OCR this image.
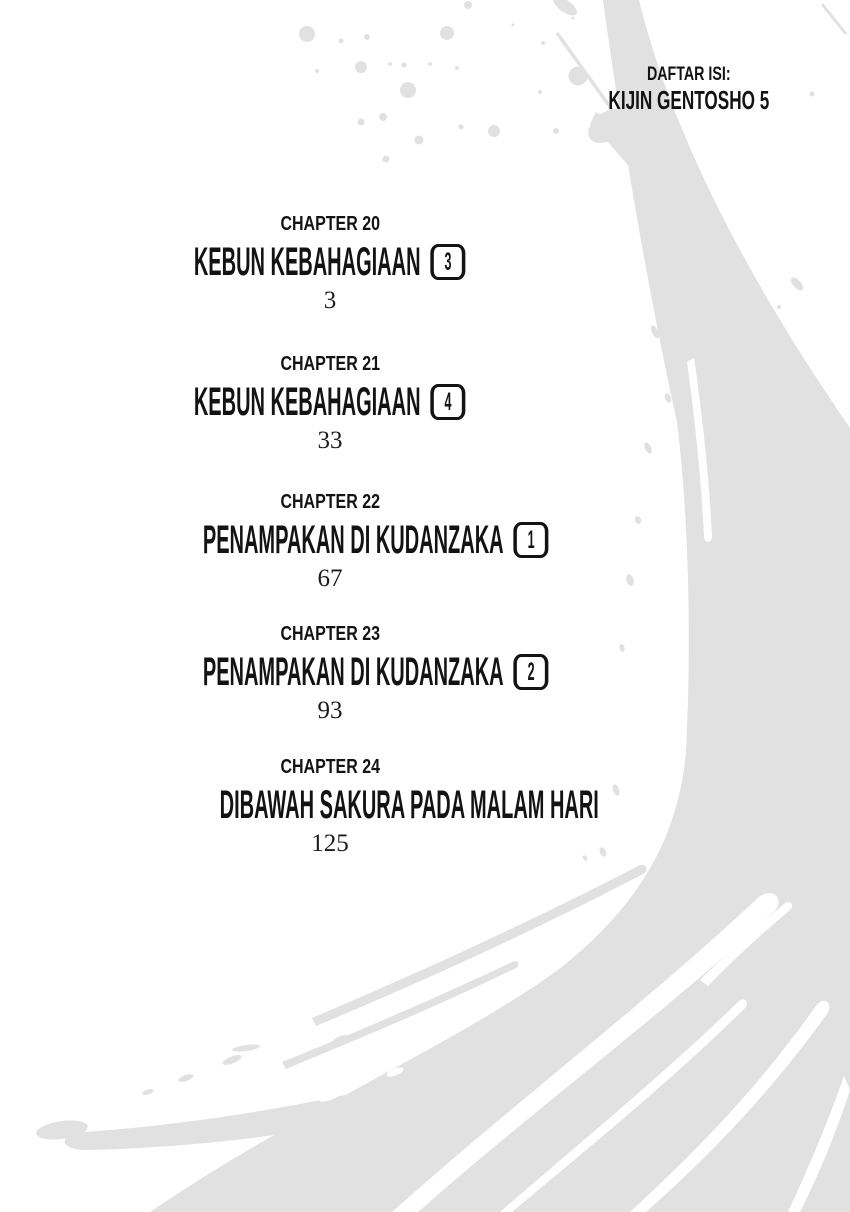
DAFTAR ISI:
KIJIN GENTOSHO 5
CHAPTER 20
KEBUN KEBAHAGIAAN 3
3
CHAPTER 21
KEBUN KEBAHAGIAAN 4
33
CHAPTER 22
PENAMPAKAN DI KUDANZAKA 1
67
CHAPTER 23
PENAMPAKAN DI KUDANZAKA 2
93
CHAPTER 24
DIBAWAH SAKURA PADA MALAM HARI
125
